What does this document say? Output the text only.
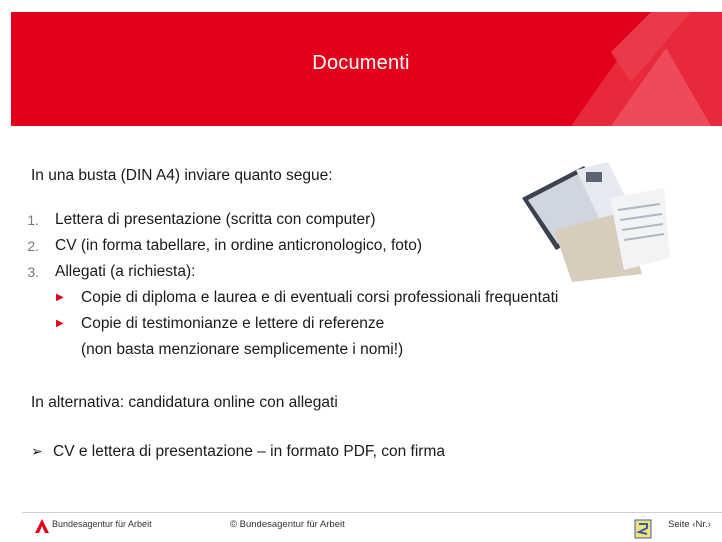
Documenti
In una busta (DIN A4) inviare quanto segue:
1. Lettera di presentazione (scritta con computer)
2. CV (in forma tabellare, in ordine anticronologico, foto)
3. Allegati (a richiesta):
▶ Copie di diploma e laurea e di eventuali corsi professionali frequentati
▶ Copie di testimonianze e lettere di referenze
(non basta menzionare semplicemente i nomi!)
In alternativa: candidatura online con allegati
➢ CV e lettera di presentazione – in formato PDF, con firma
Bundesagentur für Arbeit	© Bundesagentur für Arbeit
···
Seite ‹Nr.›
